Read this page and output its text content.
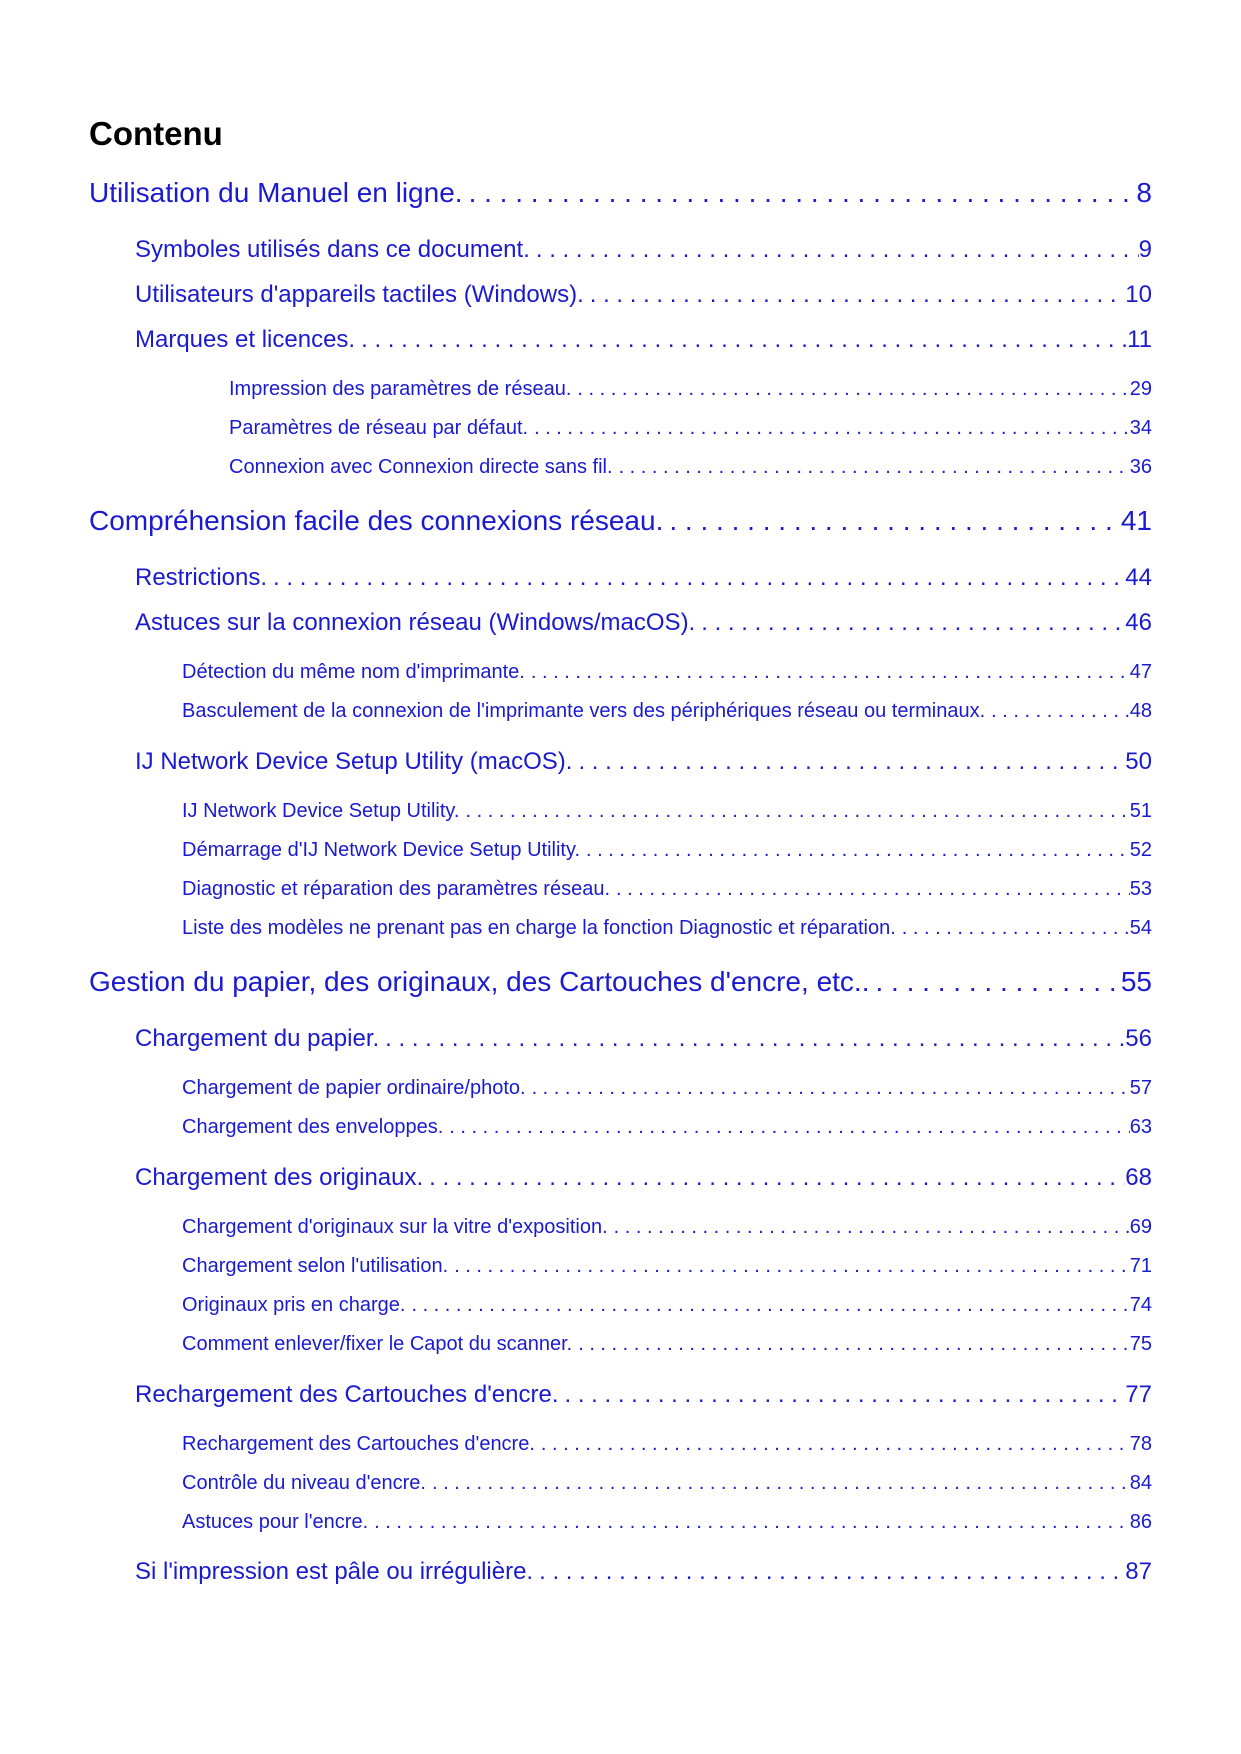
Contenu
Utilisation du Manuel en ligne. . . .	8
Symboles utilisés dans ce document. . . .	9
Utilisateurs d'appareils tactiles (Windows). . . .	10
Marques et licences. . . .	11
Impression des paramètres de réseau. . . .	29
Paramètres de réseau par défaut. . . .	34
Connexion avec Connexion directe sans fil. . . .	36
Compréhension facile des connexions réseau. . . .	41
Restrictions. . . .	44
Astuces sur la connexion réseau (Windows/macOS). . . .	46
Détection du même nom d'imprimante. . . .	47
Basculement de la connexion de l'imprimante vers des périphériques réseau ou terminaux. . . .	48
IJ Network Device Setup Utility (macOS). . . .	50
IJ Network Device Setup Utility. . . .	51
Démarrage d'IJ Network Device Setup Utility. . . .	52
Diagnostic et réparation des paramètres réseau. . . .	53
Liste des modèles ne prenant pas en charge la fonction Diagnostic et réparation. . . .	54
Gestion du papier, des originaux, des Cartouches d'encre, etc.. . . .	55
Chargement du papier. . . .	56
Chargement de papier ordinaire/photo. . . .	57
Chargement des enveloppes. . . .	63
Chargement des originaux. . . .	68
Chargement d'originaux sur la vitre d'exposition. . . .	69
Chargement selon l'utilisation. . . .	71
Originaux pris en charge. . . .	74
Comment enlever/fixer le Capot du scanner. . . .	75
Rechargement des Cartouches d'encre. . . .	77
Rechargement des Cartouches d'encre. . . .	78
Contrôle du niveau d'encre. . . .	84
Astuces pour l'encre. . . .	86
Si l'impression est pâle ou irrégulière. . . .	87
